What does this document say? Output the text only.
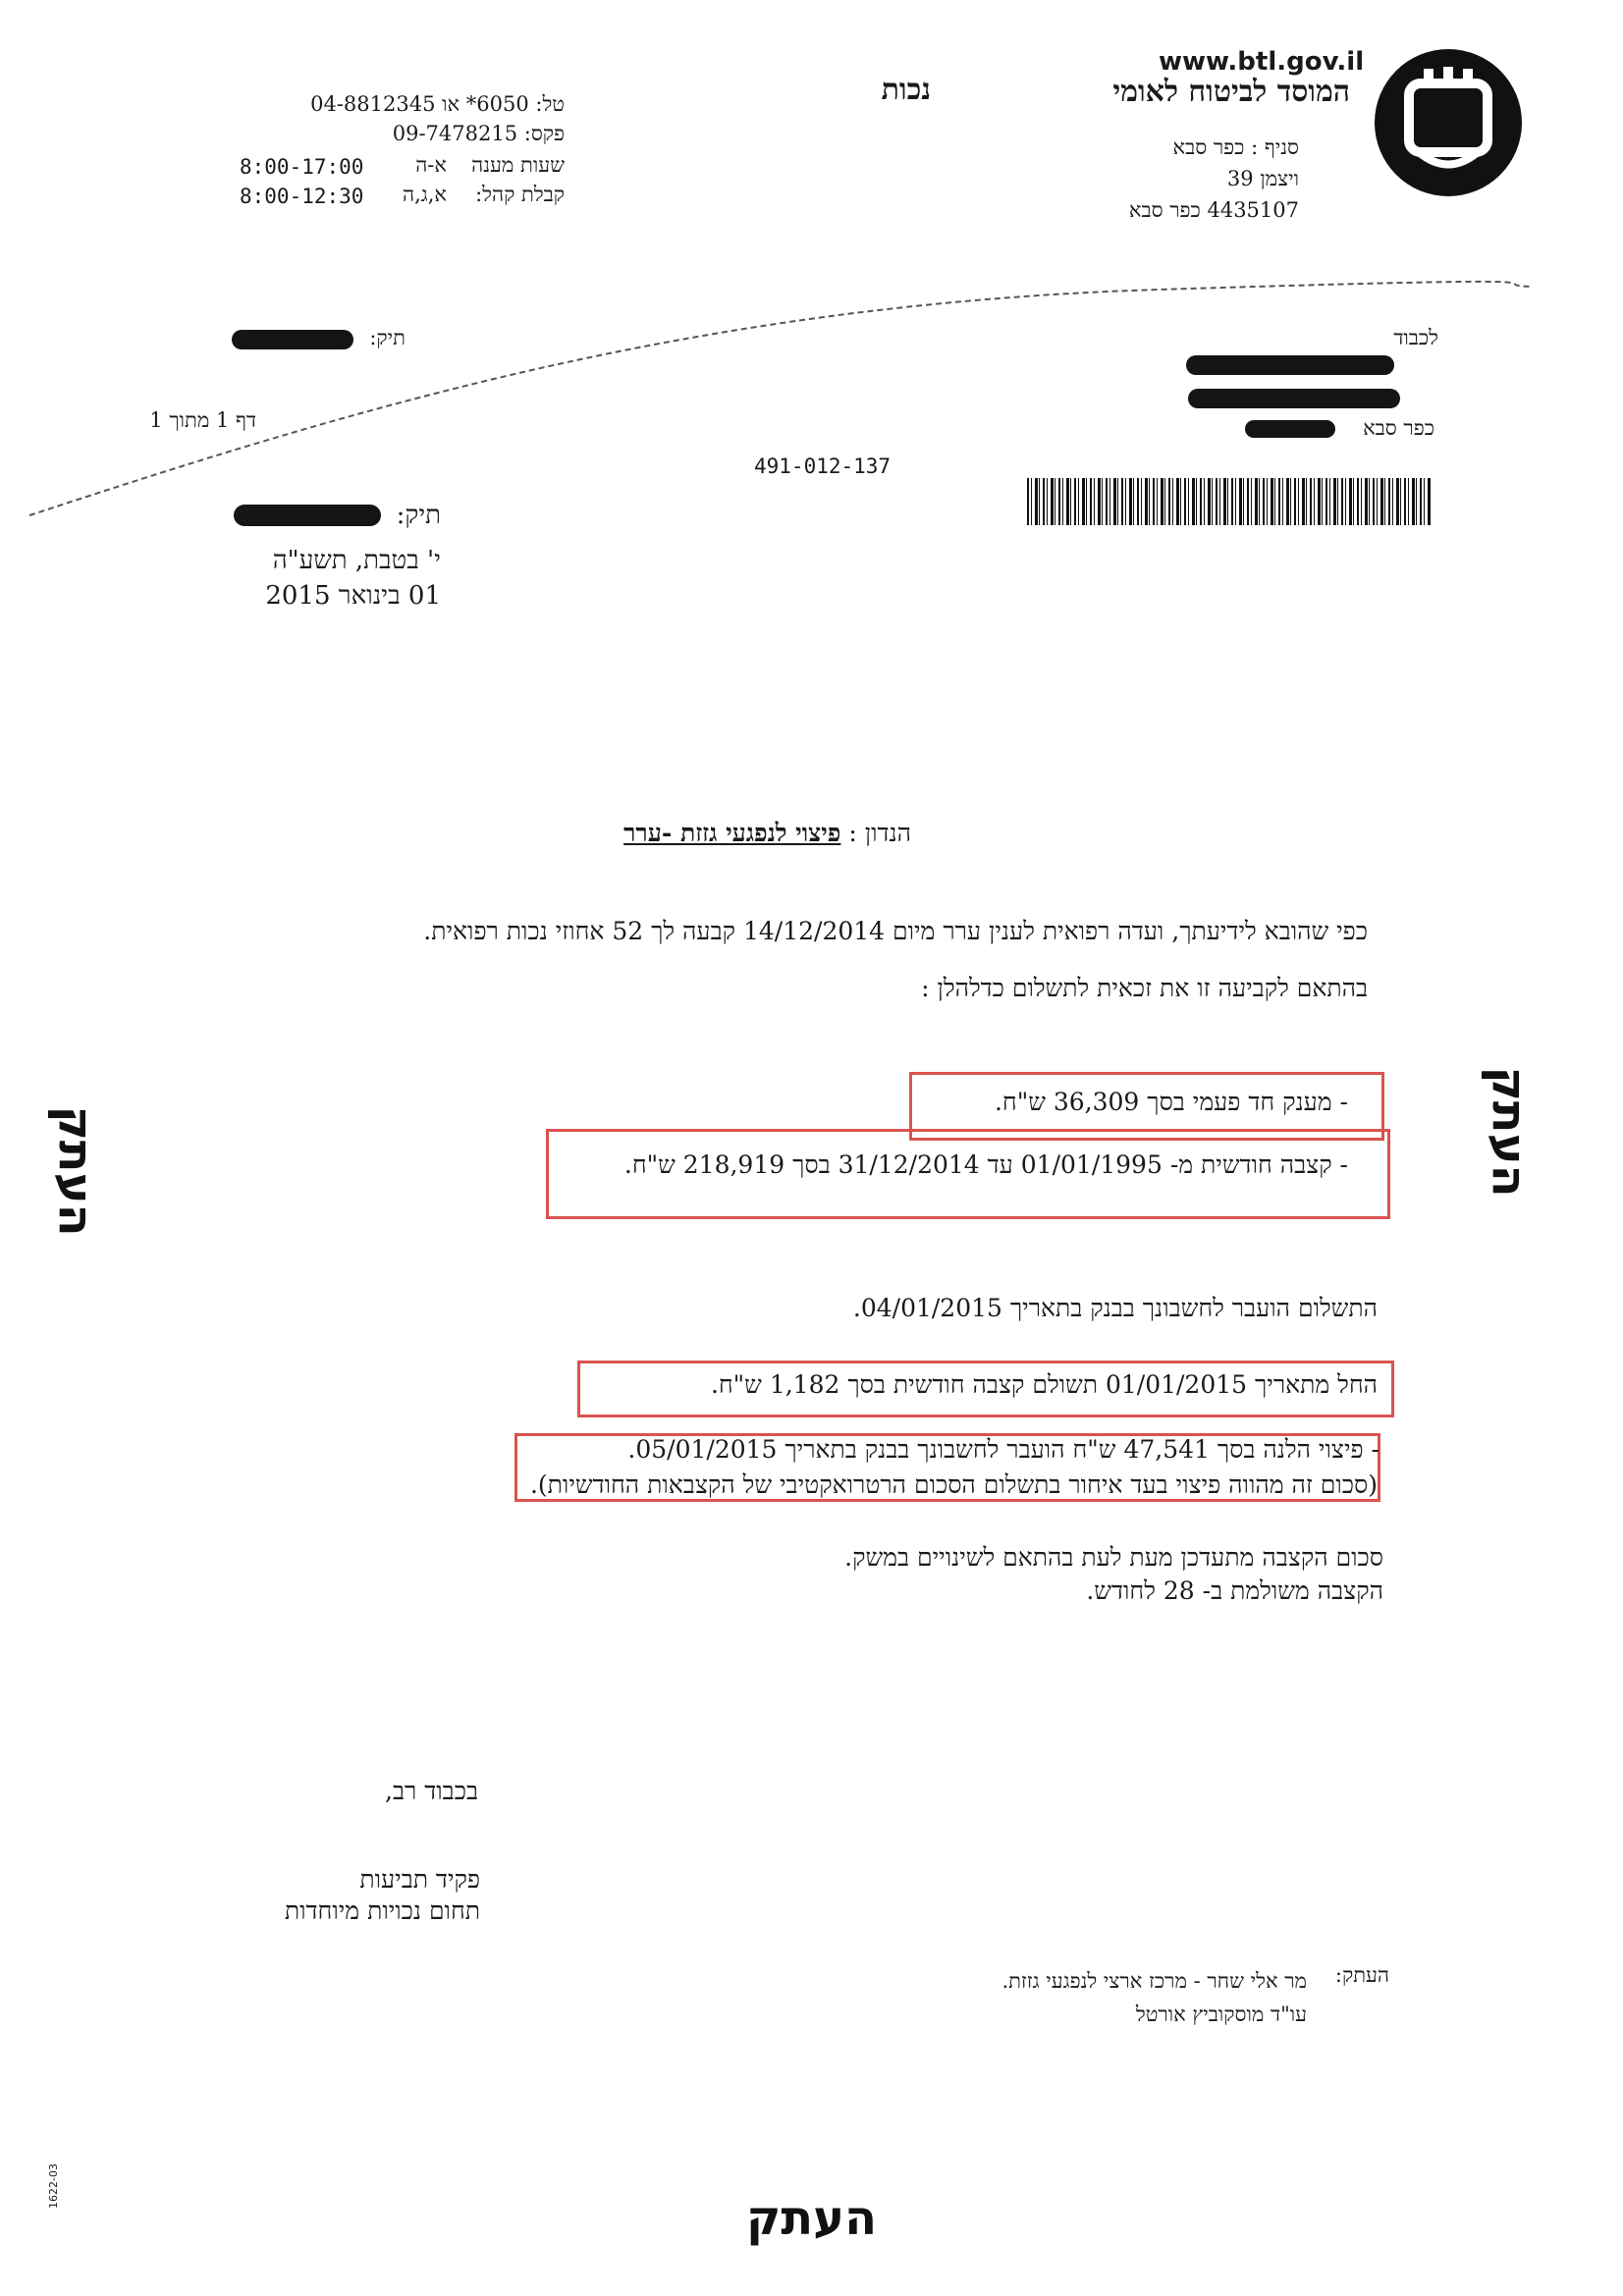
www.btl.gov.il
המוסד לביטוח לאומי
נכות
סניף : כפר סבא
ויצמן 39
4435107 כפר סבא
טל: 6050* או 04-8812345
פקס: 09-7478215
שעות מענה
א-ה
8:00-17:00
קבלת קהל:
א,ג,ה
8:00-12:30
לכבוד
כפר סבא
תיק:
דף 1 מתוך 1
491-012-137
תיק:
י' בטבת, תשע"ה
01 בינואר 2015
הנדון : פיצוי לנפגעי גזזת -ערר
כפי שהובא לידיעתך, ועדה רפואית לענין ערר מיום 14/12/2014 קבעה לך 52 אחוזי נכות רפואית.
בהתאם לקביעה זו את זכאית לתשלום כדלהלן :
- מענק חד פעמי בסך 36,309 ש"ח.
- קצבה חודשית מ- 01/01/1995 עד 31/12/2014 בסך 218,919 ש"ח.
התשלום הועבר לחשבונך בבנק בתאריך 04/01/2015.
החל מתאריך 01/01/2015 תשולם קצבה חודשית בסך 1,182 ש"ח.
- פיצוי הלנה בסך 47,541 ש"ח הועבר לחשבונך בבנק בתאריך 05/01/2015.
(סכום זה מהווה פיצוי בעד איחור בתשלום הסכום הרטרואקטיבי של הקצבאות החודשיות).
סכום הקצבה מתעדכן מעת לעת בהתאם לשינויים במשק.
הקצבה משולמת ב- 28 לחודש.
בכבוד רב,
פקיד תביעות
תחום נכויות מיוחדות
העתק:
מר אלי שחר - מרכז ארצי לנפגעי גזזת.
עו"ד מוסקוביץ אורטל
העתק	העתק
העתק
1622-03
